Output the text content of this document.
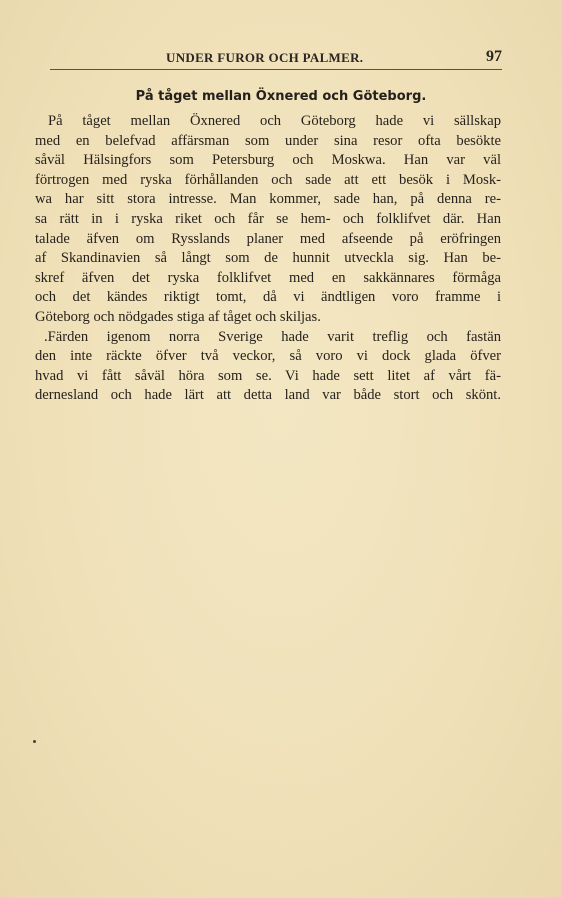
UNDER FUROR OCH PALMER.	97
På tåget mellan Öxnered och Göteborg.
På tåget mellan Öxnered och Göteborg hade vi sällskap
med en belefvad affärsman som under sina resor ofta besökte
såväl Hälsingfors som Petersburg och Moskwa. Han var väl
förtrogen med ryska förhållanden och sade att ett besök i Mosk-
wa har sitt stora intresse. Man kommer, sade han, på denna re-
sa rätt in i ryska riket och får se hem- och folklifvet där. Han
talade äfven om Rysslands planer med afseende på eröfringen
af Skandinavien så långt som de hunnit utveckla sig. Han be-
skref äfven det ryska folklifvet med en sakkännares förmåga
och det kändes riktigt tomt, då vi ändtligen voro framme i
Göteborg och nödgades stiga af tåget och skiljas.
.Färden igenom norra Sverige hade varit treflig och fastän
den inte räckte öfver två veckor, så voro vi dock glada öfver
hvad vi fått såväl höra som se. Vi hade sett litet af vårt fä-
dernesland och hade lärt att detta land var både stort och skönt.
